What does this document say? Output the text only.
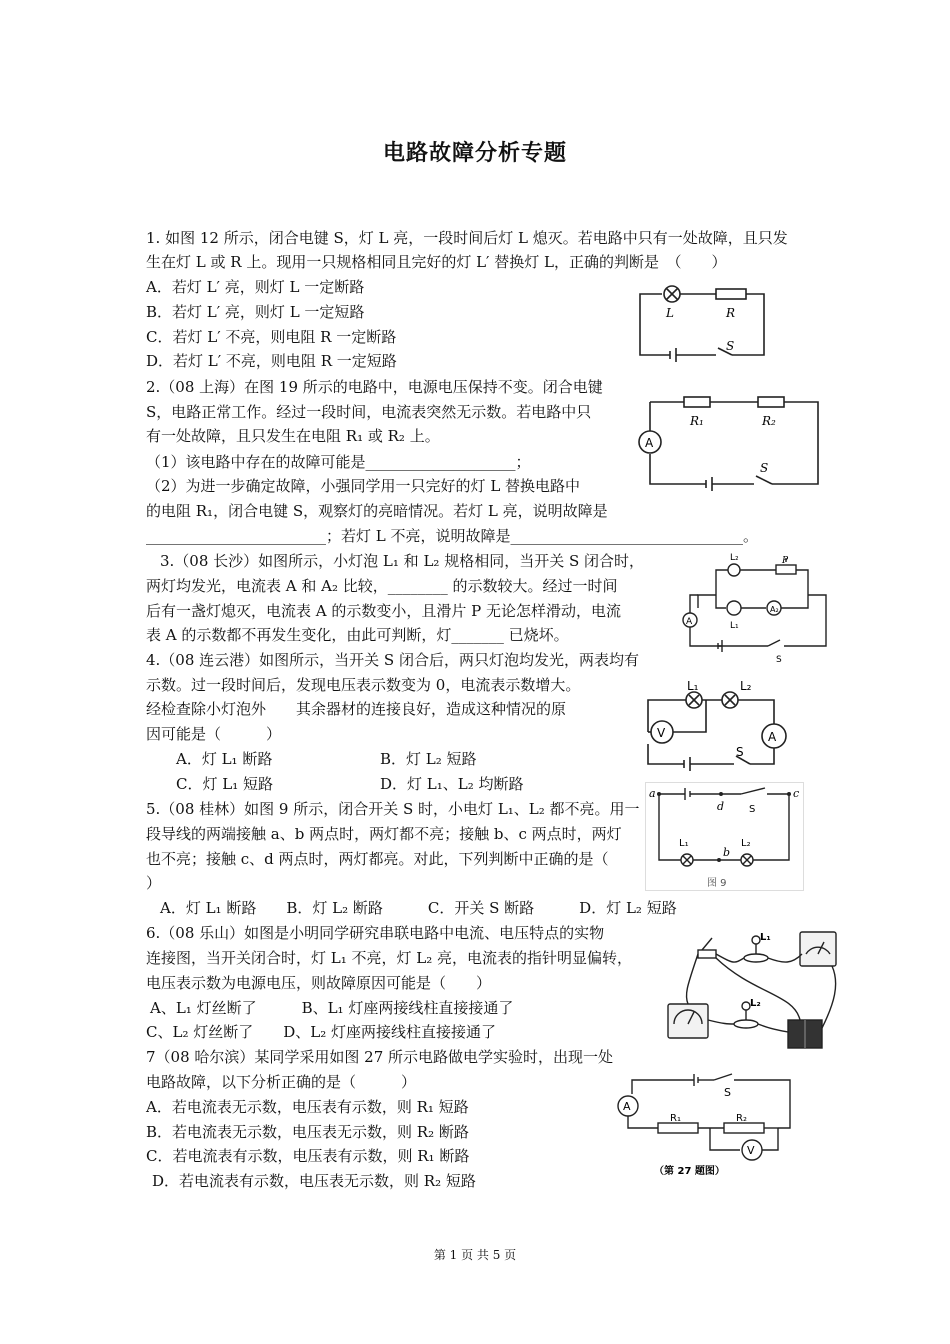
电路故障分析专题
1. 如图 12 所示，闭合电键 S，灯 L 亮，一段时间后灯 L 熄灭。若电路中只有一处故障，且只发
生在灯 L 或 R 上。现用一只规格相同且完好的灯 L′ 替换灯 L，正确的判断是　（　　）
A．若灯 L′ 亮，则灯 L 一定断路
B．若灯 L′ 亮，则灯 L 一定短路
C．若灯 L′ 不亮，则电阻 R 一定断路
D．若灯 L′ 不亮，则电阻 R 一定短路
2.（08 上海）在图 19 所示的电路中，电源电压保持不变。闭合电键
S，电路正常工作。经过一段时间，电流表突然无示数。若电路中只
有一处故障，且只发生在电阻 R₁ 或 R₂ 上。
（1）该电路中存在的故障可能是____________________；
（2）为进一步确定故障，小强同学用一只完好的灯 L 替换电路中
的电阻 R₁，闭合电键 S，观察灯的亮暗情况。若灯 L 亮，说明故障是
________________________；若灯 L 不亮，说明故障是_______________________________。
3.（08 长沙）如图所示，小灯泡 L₁ 和 L₂ 规格相同，当开关 S 闭合时，
两灯均发光，电流表 A 和 A₂ 比较，________ 的示数较大。经过一时间
后有一盏灯熄灭，电流表 A 的示数变小，且滑片 P 无论怎样滑动，电流
表 A 的示数都不再发生变化，由此可判断，灯_______ 已烧坏。
4.（08 连云港）如图所示，当开关 S 闭合后，两只灯泡均发光，两表均有
示数。过一段时间后，发现电压表示数变为 0，电流表示数增大。
经检查除小灯泡外　　其余器材的连接良好，造成这种情况的原
因可能是（　　　）
A．灯 L₁ 断路	B．灯 L₂ 短路
C．灯 L₁ 短路	D．灯 L₁、L₂ 均断路
5.（08 桂林）如图 9 所示，闭合开关 S 时，小电灯 L₁、L₂ 都不亮。用一
段导线的两端接触 a、b 两点时，两灯都不亮；接触 b、c 两点时，两灯
也不亮；接触 c、d 两点时，两灯都亮。对此，下列判断中正确的是（
）
A．灯 L₁ 断路　　B．灯 L₂ 断路　　　C．开关 S 断路　　　D．灯 L₂ 短路
6.（08 乐山）如图是小明同学研究串联电路中电流、电压特点的实物
连接图，当开关闭合时，灯 L₁ 不亮，灯 L₂ 亮，电流表的指针明显偏转，
电压表示数为电源电压，则故障原因可能是（　　）
A、L₁ 灯丝断了　　　B、L₁ 灯座两接线柱直接接通了
C、L₂ 灯丝断了　　D、L₂ 灯座两接线柱直接接通了
7（08 哈尔滨）某同学采用如图 27 所示电路做电学实验时，出现一处
电路故障，以下分析正确的是（　　　）
A．若电流表无示数，电压表有示数，则 R₁ 短路
B．若电流表无示数，电压表无示数，则 R₂ 断路
C．若电流表有示数，电压表有示数，则 R₁ 断路
D．若电流表有示数，电压表无示数，则 R₂ 短路
L	R
S
A
R₁	R₂
S
L₂	P
A
A₂
L₁
S
L₁	L₂
V	A
S
a
d S
c
L₁
b
L₂
图 9
L₁
L₂
S
A
R₁	R₂
V
（第 27 题图）
第 1 页 共 5 页
